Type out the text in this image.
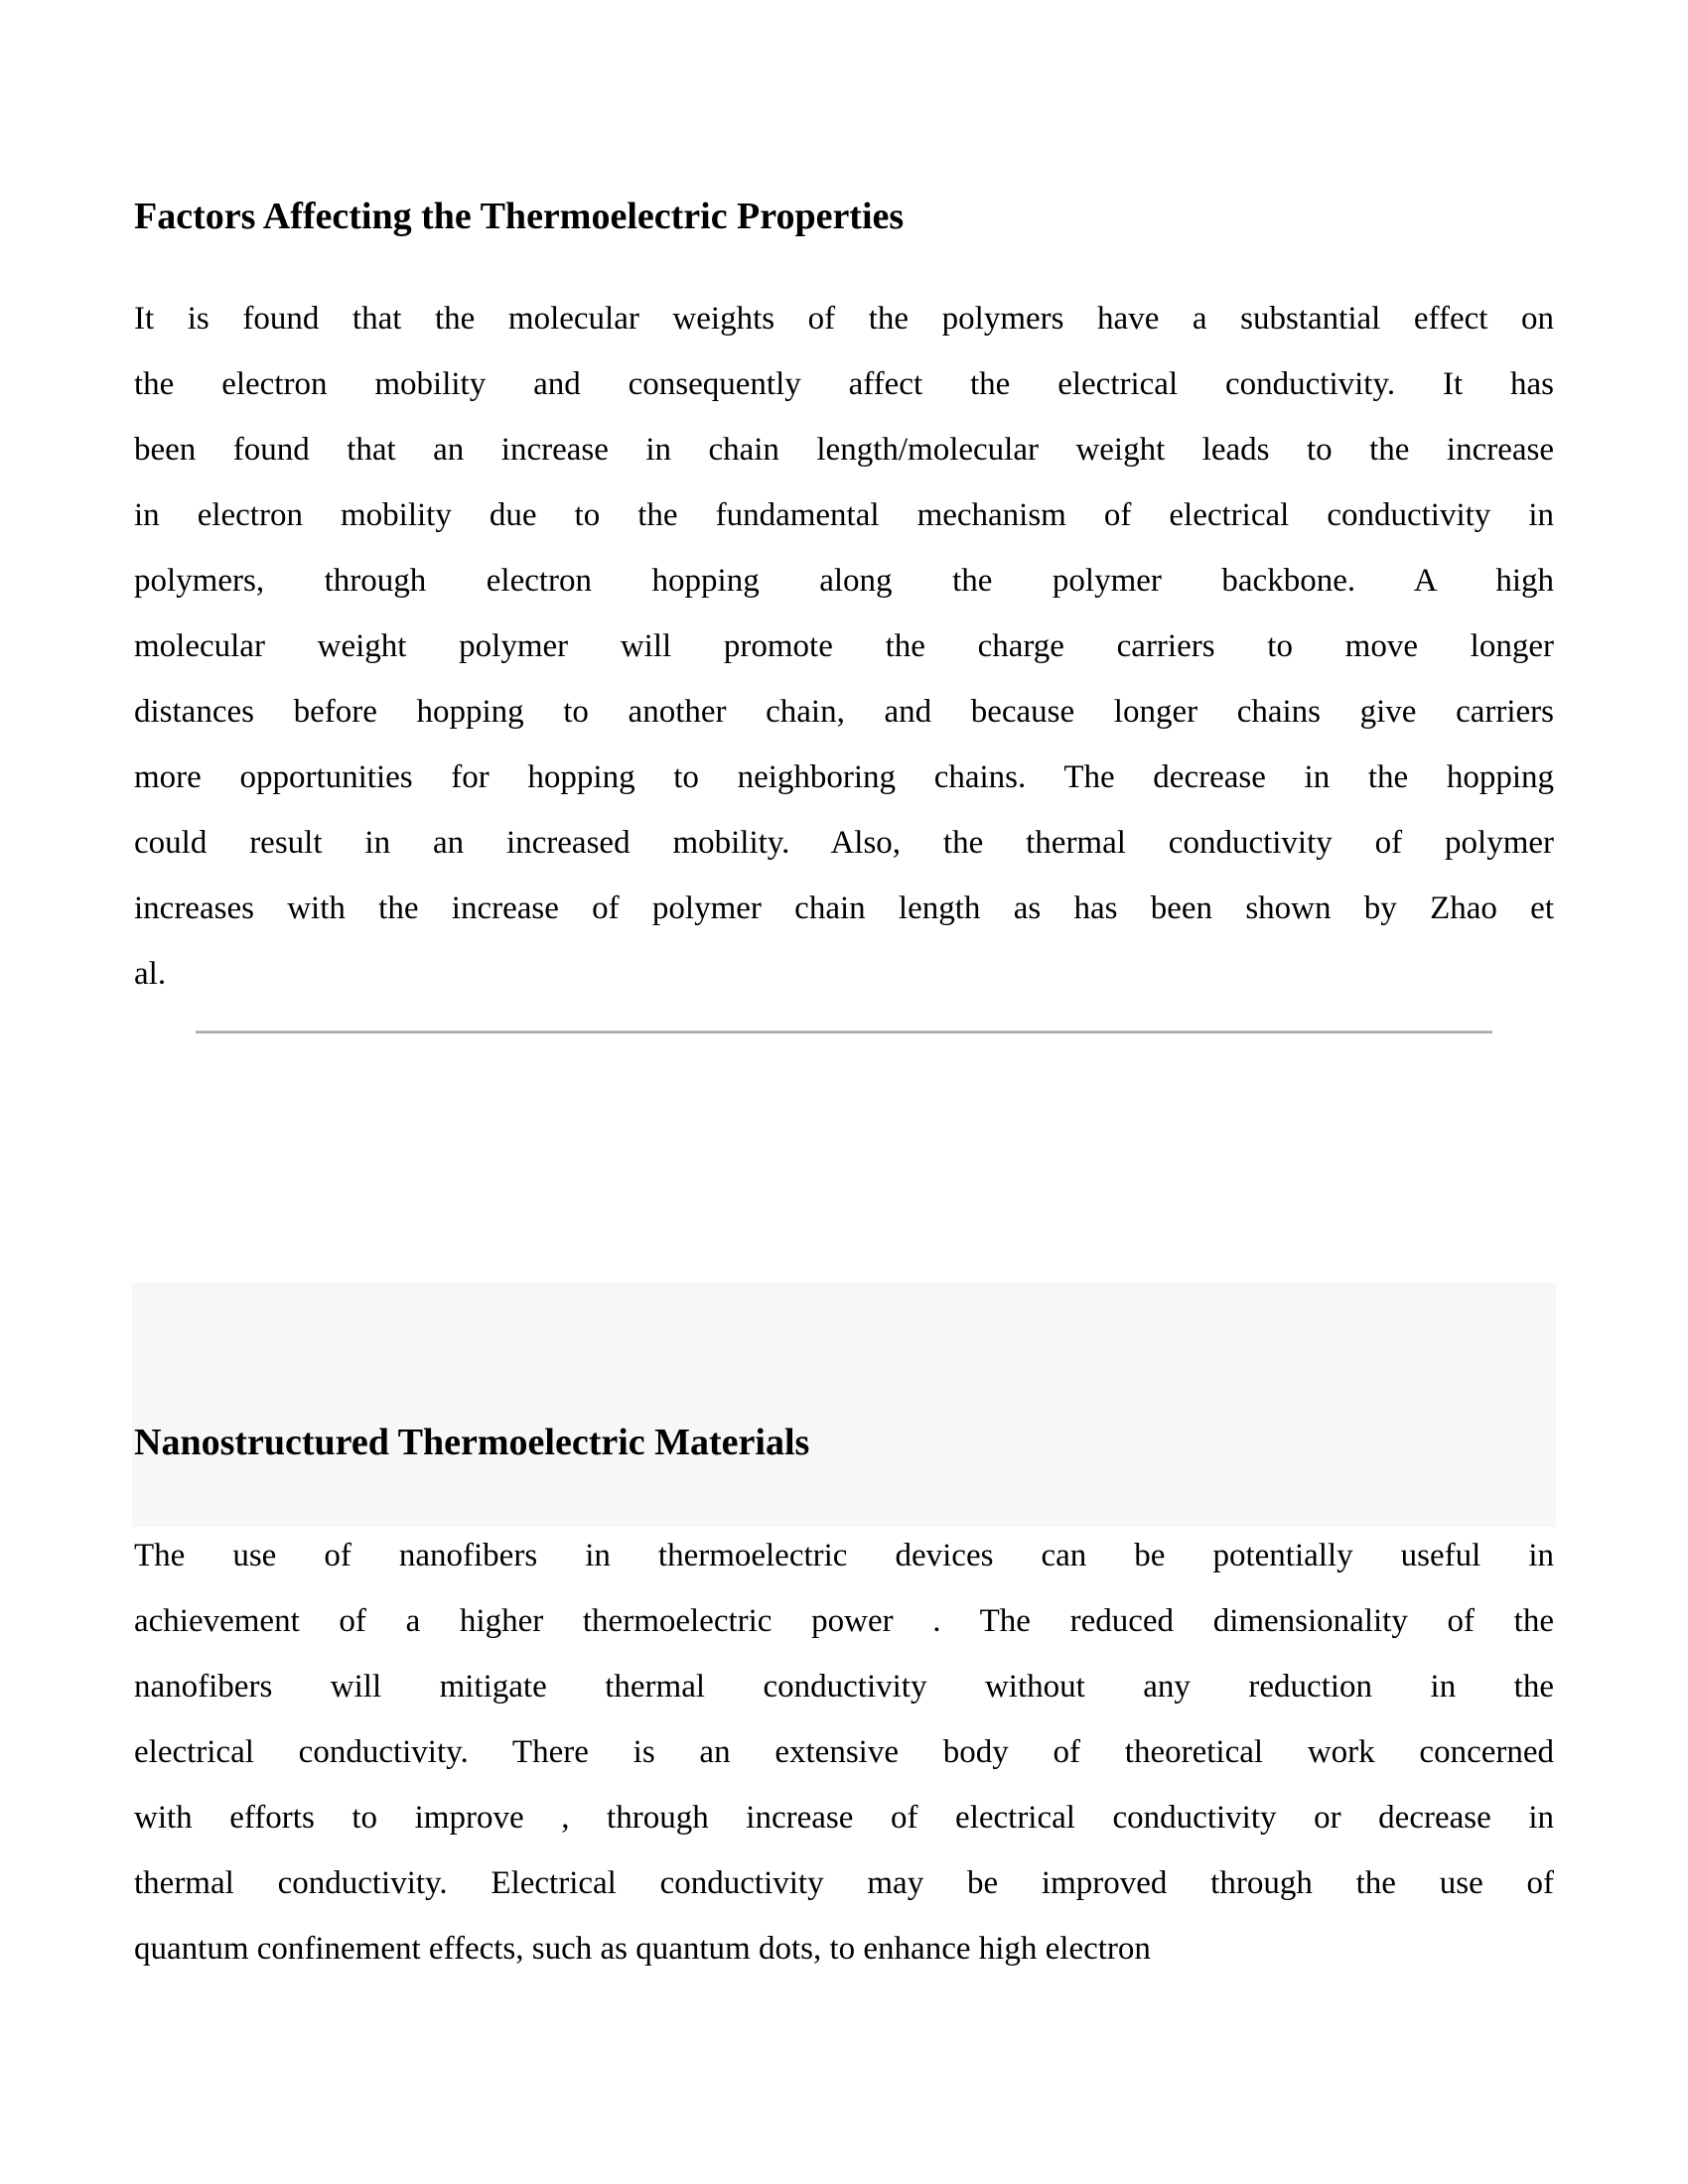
Factors Affecting the Thermoelectric Properties
It is found that the molecular weights of the polymers have a substantial effect on
the electron mobility and consequently affect the electrical conductivity. It has
been found that an increase in chain length/molecular weight leads to the increase
in electron mobility due to the fundamental mechanism of electrical conductivity in
polymers, through electron hopping along the polymer backbone. A high
molecular weight polymer will promote the charge carriers to move longer
distances before hopping to another chain, and because longer chains give carriers
more opportunities for hopping to neighboring chains. The decrease in the hopping
could result in an increased mobility. Also, the thermal conductivity of polymer
increases with the increase of polymer chain length as has been shown by Zhao et
al.
Nanostructured Thermoelectric Materials
The use of nanofibers in thermoelectric devices can be potentially useful in
achievement of a higher thermoelectric power . The reduced dimensionality of the
nanofibers will mitigate thermal conductivity without any reduction in the
electrical conductivity. There is an extensive body of theoretical work concerned
with efforts to improve , through increase of electrical conductivity or decrease in
thermal conductivity. Electrical conductivity may be improved through the use of
quantum confinement effects, such as quantum dots, to enhance high electron
